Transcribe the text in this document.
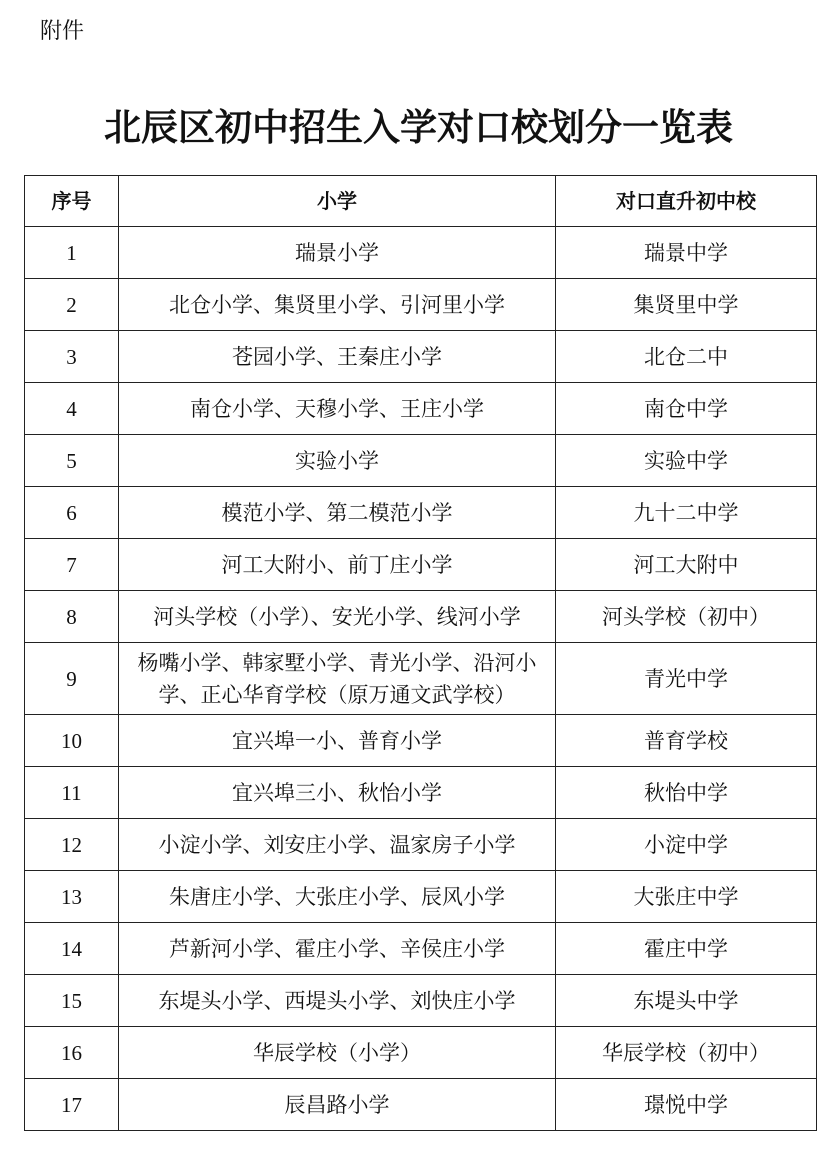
附件
北辰区初中招生入学对口校划分一览表
序号	小学	对口直升初中校
1	瑞景小学	瑞景中学
2	北仓小学、集贤里小学、引河里小学	集贤里中学
3	苍园小学、王秦庄小学	北仓二中
4	南仓小学、天穆小学、王庄小学	南仓中学
5	实验小学	实验中学
6	模范小学、第二模范小学	九十二中学
7	河工大附小、前丁庄小学	河工大附中
8	河头学校（小学）、安光小学、线河小学	河头学校（初中）
9	杨嘴小学、韩家墅小学、青光小学、沿河小学、正心华育学校（原万通文武学校）	青光中学
10	宜兴埠一小、普育小学	普育学校
11	宜兴埠三小、秋怡小学	秋怡中学
12	小淀小学、刘安庄小学、温家房子小学	小淀中学
13	朱唐庄小学、大张庄小学、辰风小学	大张庄中学
14	芦新河小学、霍庄小学、辛侯庄小学	霍庄中学
15	东堤头小学、西堤头小学、刘快庄小学	东堤头中学
16	华辰学校（小学）	华辰学校（初中）
17	辰昌路小学	璟悦中学
